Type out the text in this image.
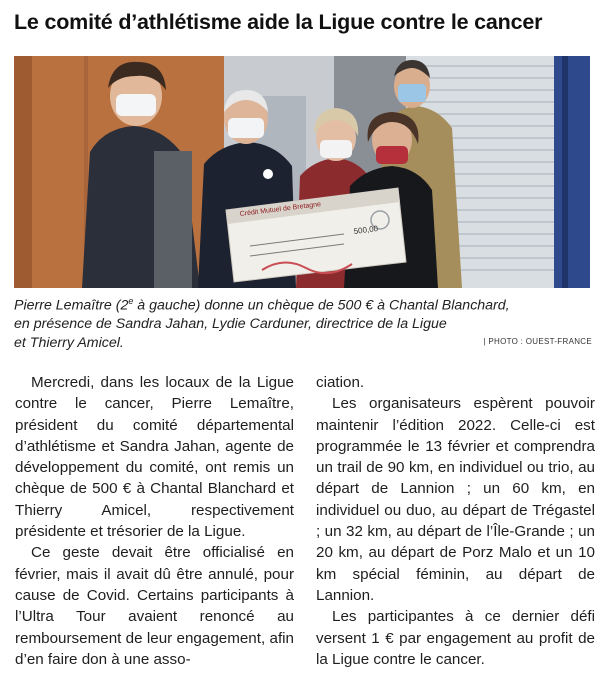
Le comité d’athlétisme aide la Ligue contre le cancer
Crédit Mutuel de Bretagne
500,00

Pierre Lemaître (2e à gauche) donne un chèque de 500 € à Chantal Blanchard,

en présence de Sandra Jahan, Lydie Carduner, directrice de la Ligue

et Thierry Amicel.	| PHOTO : OUEST-FRANCE

Mercredi, dans les locaux de la Ligue contre le cancer, Pierre Lemaître, président du comité départemental d’athlétisme et Sandra Jahan, agente de développement du comité, ont remis un chèque de 500 € à Chantal Blanchard et Thierry Amicel, respectivement présidente et trésorier de la Ligue.

Ce geste devait être officialisé en février, mais il avait dû être annulé, pour cause de Covid. Certains participants à l’Ultra Tour avaient renoncé au remboursement de leur engagement, afin d’en faire don à une asso-

ciation.

Les organisateurs espèrent pouvoir maintenir l’édition 2022. Celle-ci est programmée le 13 février et comprendra un trail de 90 km, en individuel ou trio, au départ de Lannion ; un 60 km, en individuel ou duo, au départ de Trégastel ; un 32 km, au départ de l’Île-Grande ; un 20 km, au départ de Porz Malo et un 10 km spécial féminin, au départ de Lannion.

Les participantes à ce dernier défi versent 1 € par engagement au profit de la Ligue contre le cancer.
